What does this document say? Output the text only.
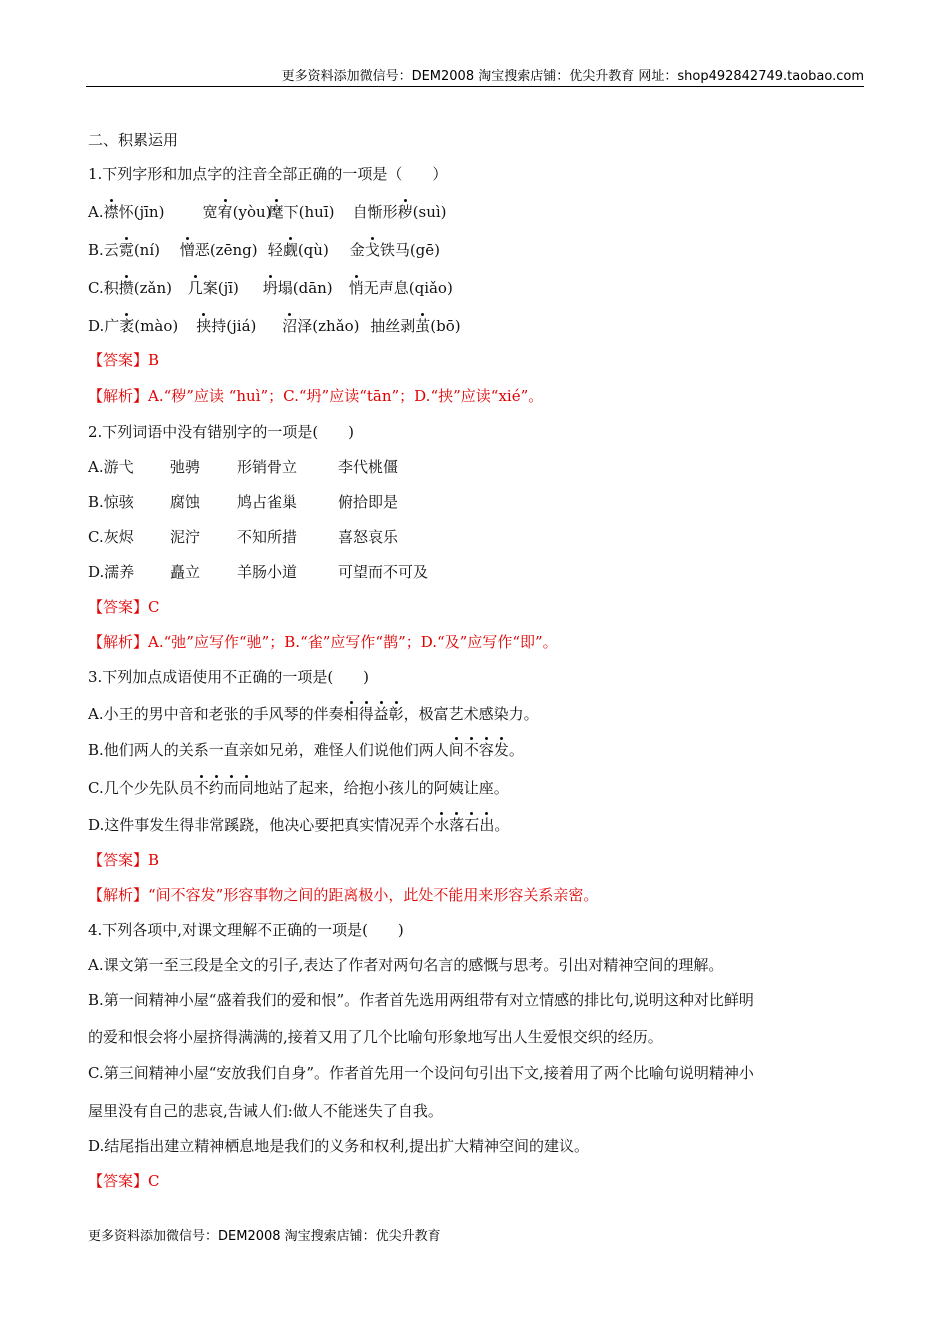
更多资料添加微信号：DEM2008 淘宝搜索店铺：优尖升教育 网址：shop492842749.taobao.com
二、积累运用
1.下列字形和加点字的注音全部正确的一项是（　　）
A.襟怀(jīn)	宽宥(yòu)麾下(huī) 自惭形秽(suì)
B.云霓(ní) 憎恶(zēng) 轻觑(qù) 金戈铁马(gē)
C.积攒(zǎn) 几案(jī) 坍塌(dān) 悄无声息(qiǎo)
D.广袤(mào) 挟持(jiá) 沼泽(zhǎo) 抽丝剥茧(bō)
【答案】B
【解析】A.“秽”应读 “huì”；C.“坍”应读“tān”；D.“挟”应读“xié”。
2.下列词语中没有错别字的一项是(　　)
A.游弋 弛骋 形销骨立	李代桃僵
B.惊骇 腐蚀 鸠占雀巢	俯拾即是
C.灰烬 泥泞 不知所措	喜怒哀乐
D.濡养 矗立 羊肠小道	可望而不可及
【答案】C
【解析】A.“弛”应写作“驰”；B.“雀”应写作“鹊”；D.“及”应写作“即”。
3.下列加点成语使用不正确的一项是(　　)
A.小王的男中音和老张的手风琴的伴奏相得益彰，极富艺术感染力。
B.他们两人的关系一直亲如兄弟，难怪人们说他们两人间不容发。
C.几个少先队员不约而同地站了起来，给抱小孩儿的阿姨让座。
D.这件事发生得非常蹊跷，他决心要把真实情况弄个水落石出。
【答案】B
【解析】“间不容发”形容事物之间的距离极小，此处不能用来形容关系亲密。
4.下列各项中,对课文理解不正确的一项是(　　)
A.课文第一至三段是全文的引子,表达了作者对两句名言的感慨与思考。引出对精神空间的理解。
B.第一间精神小屋“盛着我们的爱和恨”。作者首先选用两组带有对立情感的排比句,说明这种对比鲜明
的爱和恨会将小屋挤得满满的,接着又用了几个比喻句形象地写出人生爱恨交织的经历。
C.第三间精神小屋“安放我们自身”。作者首先用一个设问句引出下文,接着用了两个比喻句说明精神小
屋里没有自己的悲哀,告诫人们:做人不能迷失了自我。
D.结尾指出建立精神栖息地是我们的义务和权利,提出扩大精神空间的建议。
【答案】C
更多资料添加微信号：DEM2008 淘宝搜索店铺：优尖升教育
